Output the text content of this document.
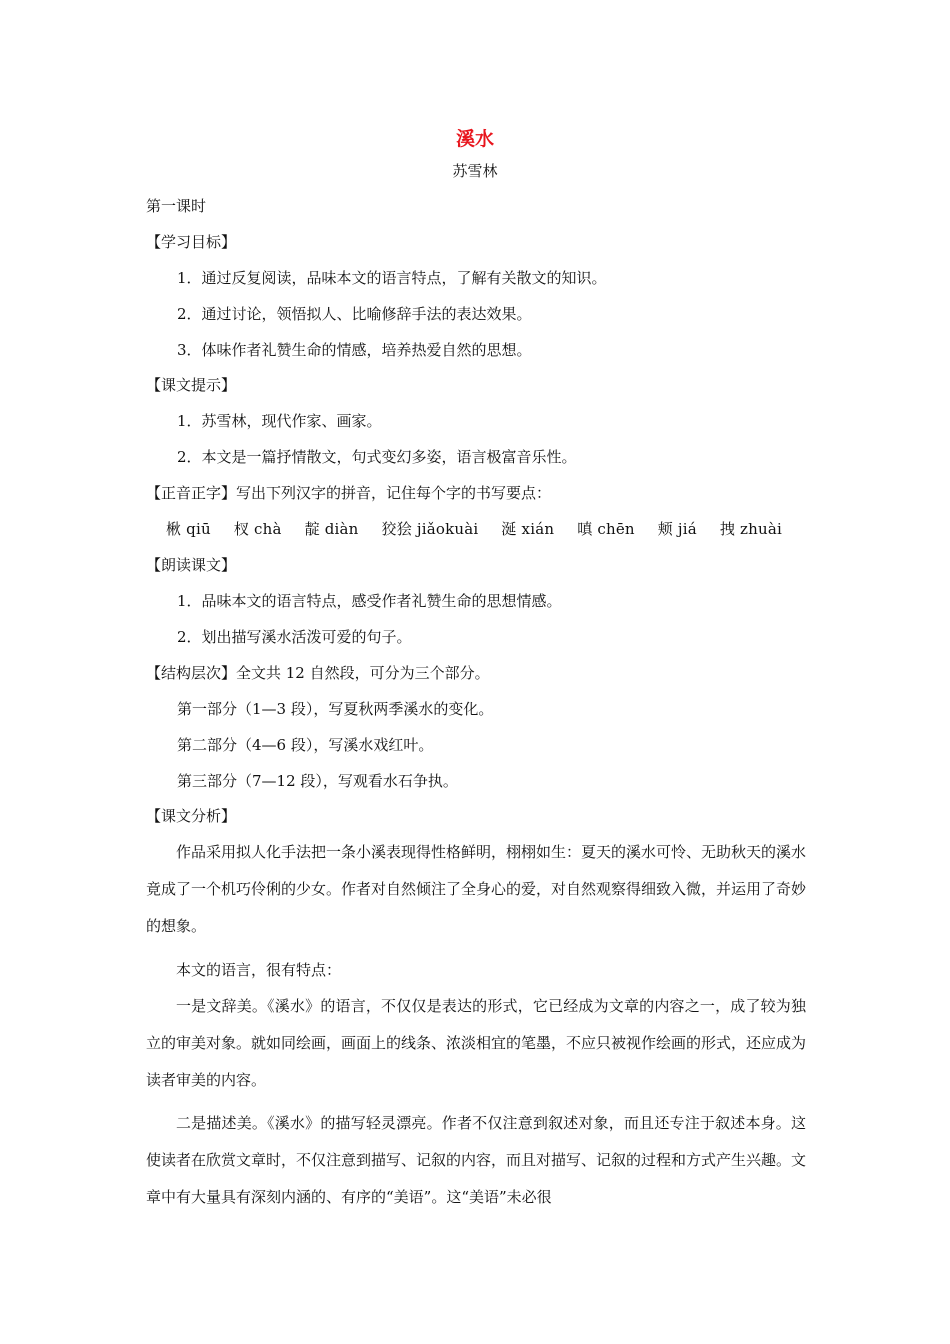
溪水
苏雪林
第一课时
【学习目标】
1．通过反复阅读，品味本文的语言特点，了解有关散文的知识。
2．通过讨论，领悟拟人、比喻修辞手法的表达效果。
3．体味作者礼赞生命的情感，培养热爱自然的思想。
【课文提示】
1．苏雪林，现代作家、画家。
2．本文是一篇抒情散文，句式变幻多姿，语言极富音乐性。
【正音正字】写出下列汉字的拼音，记住每个字的书写要点：
楸 qiū 杈 chà 靛 diàn 狡狯 jiǎokuài 涎 xián 嗔 chēn 颊 jiá 拽 zhuài
【朗读课文】
1．品味本文的语言特点，感受作者礼赞生命的思想情感。
2．划出描写溪水活泼可爱的句子。
【结构层次】全文共 12 自然段，可分为三个部分。
第一部分（1—3 段），写夏秋两季溪水的变化。
第二部分（4—6 段），写溪水戏红叶。
第三部分（7—12 段），写观看水石争执。
【课文分析】
作品采用拟人化手法把一条小溪表现得性格鲜明，栩栩如生：夏天的溪水可怜、无助秋天的溪水竟成了一个机巧伶俐的少女。作者对自然倾注了全身心的爱，对自然观察得细致入微，并运用了奇妙的想象。
本文的语言，很有特点：
一是文辞美。《溪水》的语言，不仅仅是表达的形式，它已经成为文章的内容之一，成了较为独立的审美对象。就如同绘画，画面上的线条、浓淡相宜的笔墨，不应只被视作绘画的形式，还应成为读者审美的内容。
二是描述美。《溪水》的描写轻灵漂亮。作者不仅注意到叙述对象，而且还专注于叙述本身。这使读者在欣赏文章时，不仅注意到描写、记叙的内容，而且对描写、记叙的过程和方式产生兴趣。文章中有大量具有深刻内涵的、有序的“美语”。这“美语”未必很
